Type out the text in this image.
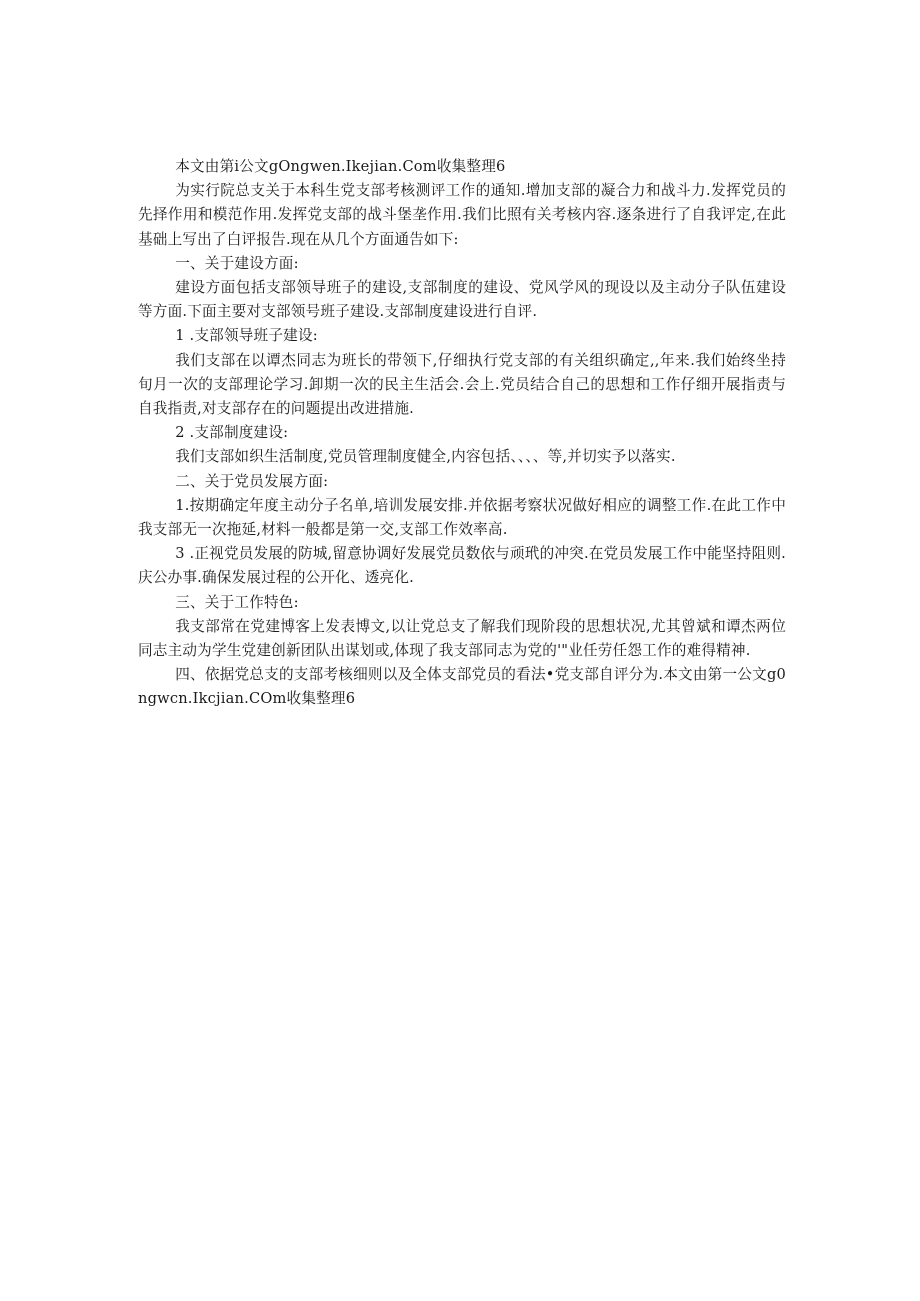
本文由第i公文gOngwen.Ikejian.Com收集整理6

为实行院总支关于本科生党支部考核测评工作的通知.增加支部的凝合力和战斗力.发挥党员的先择作用和模范作用.发挥党支部的战斗堡垄作用.我们比照有关考核内容.逐条进行了自我评定,在此基础上写出了白评报告.现在从几个方面通告如下:

一、关于建设方面:

建设方面包括支部领导班子的建设,支部制度的建设、党风学风的现设以及主动分子队伍建设等方面.下面主要对支部领号班子建设.支部制度建设进行自评.

1 .支部领导班子建设:

我们支部在以谭杰同志为班长的带领下,仔细执行党支部的有关组织确定,,年来.我们始终坐持旬月一次的支部理论学习.卸期一次的民主生活会.会上.党员结合自己的思想和工作仔细开展指责与自我指责,对支部存在的问题提出改进措施.

2 .支部制度建设:

我们支部如织生活制度,党员管理制度健全,内容包括、、、、等,并切实予以落实.

二、关于党员发展方面:

1.按期确定年度主动分子名单,培训发展安排.并依据考察状况做好相应的调整工作.在此工作中我支部无一次拖延,材料一般都是第一交,支部工作效率高.

3 .正视党员发展的防城,留意协调好发展党员数依与顽玳的冲突.在党员发展工作中能坚持阻则.庆公办事.确保发展过程的公开化、透亮化.

三、关于工作特色:

我支部常在党建博客上发表博文,以让党总支了解我们现阶段的思想状况,尤其曾斌和谭杰两位同志主动为学生党建创新团队出谋划或,体现了我支部同志为党的'"业任劳任怨工作的难得精神.

四、依据党总支的支部考核细则以及全体支部党员的看法•党支部自评分为.本文由第一公文g0ngwcn.Ikcjian.COm收集整理6
